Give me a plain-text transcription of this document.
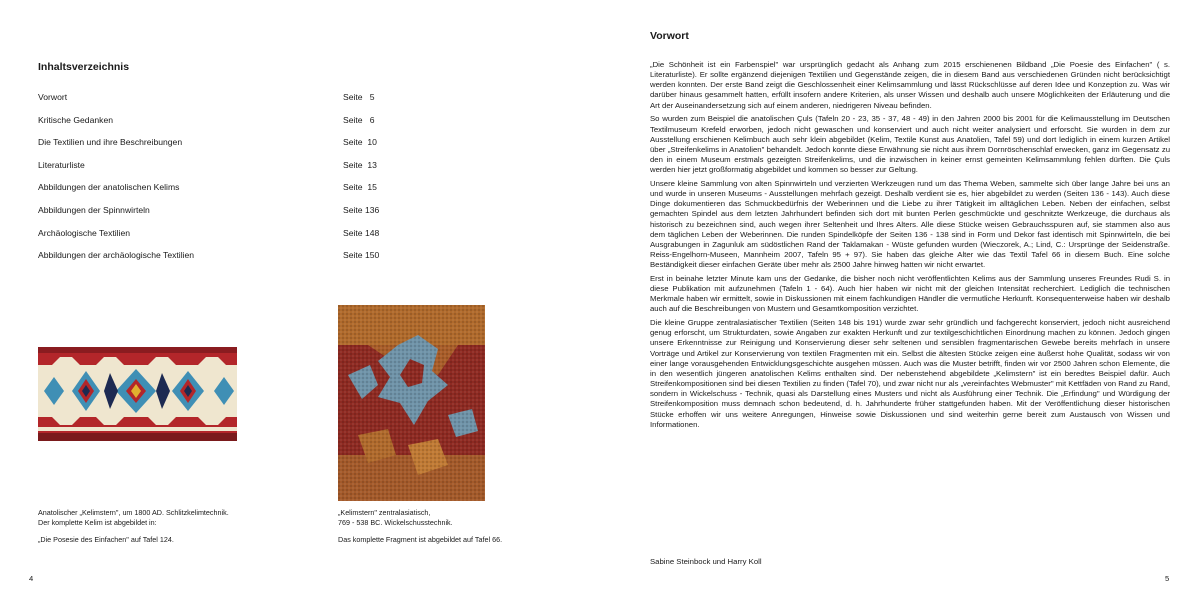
Inhaltsverzeichnis
Vorwort	Seite   5
Kritische Gedanken	Seite   6
Die Textilien und ihre Beschreibungen	Seite  10
Literaturliste	Seite  13
Abbildungen der anatolischen Kelims	Seite  15
Abbildungen der Spinnwirteln	Seite 136
Archäologische Textilien	Seite 148
Abbildungen der archäologische Textilien	Seite 150
Anatolischer „Kelimstern", um 1800 AD. Schlitzkelimtechnik.
Der komplette Kelim ist abgebildet in:
„Die Posesie des Einfachen" auf Tafel 124.
„Kelimstern" zentralasiatisch,
769 - 538 BC. Wickelschusstechnik.
Das komplette Fragment ist abgebildet auf Tafel 66.
4
Vorwort

„Die Schönheit ist ein Farbenspiel" war ursprünglich gedacht als Anhang zum 2015 erschienenen Bildband „Die Poesie des Einfachen" ( s. Literaturliste). Er sollte ergänzend diejenigen Textilien und Gegenstände zeigen, die in diesem Band aus verschiedenen Gründen nicht berücksichtigt werden konnten. Der erste Band zeigt die Geschlossenheit einer Kelimsammlung und lässt Rückschlüsse auf deren Idee und Konzeption zu. Was wir darüber hinaus gesammelt hatten, erfüllt insofern andere Kriterien, als unser Wissen und deshalb auch unsere Möglichkeiten der Erläuterung und die Art der Auseinandersetzung sich auf einem anderen, niedrigeren Niveau befinden.

So wurden zum Beispiel die anatolischen Çuls (Tafeln 20 - 23, 35 - 37, 48 - 49) in den Jahren 2000 bis 2001 für die Kelimausstellung im Deutschen Textilmuseum Krefeld erworben, jedoch nicht gewaschen und konserviert und auch nicht weiter analysiert und erforscht. Sie wurden in dem zur Ausstellung erschienen Kelimbuch auch sehr klein abgebildet (Kelim, Textile Kunst aus Anatolien, Tafel 59) und dort lediglich in einem kurzen Artikel über „Streifenkelims in Anatolien" behandelt. Jedoch konnte diese Erwähnung sie nicht aus ihrem Dornröschenschlaf erwecken, ganz im Gegensatz zu den in einem Museum erstmals gezeigten Streifenkelims, und die inzwischen in keiner ernst gemeinten Kelimsammlung fehlen dürften. Die Çuls werden hier jetzt großformatig abgebildet und kommen so besser zur Geltung.

Unsere kleine Sammlung von alten Spinnwirteln und verzierten Werkzeugen rund um das Thema Weben, sammelte sich über lange Jahre bei uns an und wurde in unseren Museums - Ausstellungen mehrfach gezeigt. Deshalb verdient sie es, hier abgebildet zu werden (Seiten 136 - 143). Auch diese Dinge dokumentieren das Schmuckbedürfnis der Weberinnen und die Liebe zu ihrer Tätigkeit im alltäglichen Leben. Neben der einfachen, selbst gemachten Spindel aus dem letzten Jahrhundert befinden sich dort mit bunten Perlen geschmückte und geschnitzte Werkzeuge, die durchaus als historisch zu bezeichnen sind, auch wegen ihrer Seltenheit und Ihres Alters. Alle diese Stücke weisen Gebrauchsspuren auf, sie stammen also aus dem täglichen Leben der Weberinnen. Die runden Spindelköpfe der Seiten 136 - 138 sind in Form und Dekor fast identisch mit Spinnwirteln, die bei Ausgrabungen in Zagunluk am südöstlichen Rand der Taklamakan - Wüste gefunden wurden (Wieczorek, A.; Lind, C.: Ursprünge der Seidenstraße. Reiss-Engelhorn-Museen, Mannheim 2007, Tafeln 95 + 97). Sie haben das gleiche Alter wie das Textil Tafel 66 in diesem Buch. Eine solche Beständigkeit dieser einfachen Geräte über mehr als 2500 Jahre hinweg hatten wir nicht erwartet.

Erst in beinahe letzter Minute kam uns der Gedanke, die bisher noch nicht veröffentlichten Kelims aus der Sammlung unseres Freundes Rudi S. in diese Publikation mit aufzunehmen (Tafeln 1 - 64). Auch hier haben wir nicht mit der gleichen Intensität recherchiert. Lediglich die technischen Merkmale haben wir ermittelt, sowie in Diskussionen mit einem fachkundigen Händler die vermutliche Herkunft. Konsequenterweise haben wir deshalb auch auf die Beschreibungen von Mustern und Gesamtkomposition verzichtet.

Die kleine Gruppe zentralasiatischer Textilien (Seiten 148 bis 191) wurde zwar sehr gründlich und fachgerecht konserviert, jedoch nicht ausreichend genug erforscht, um Strukturdaten, sowie Angaben zur exakten Herkunft und zur textilgeschichtlichen Einordnung machen zu können. Jedoch gingen unsere Erkenntnisse zur Reinigung und Konservierung dieser sehr seltenen und sensiblen fragmentarischen Gewebe bereits mehrfach in unsere Vorträge und Artikel zur Konservierung von textilen Fragmenten mit ein. Selbst die ältesten Stücke zeigen eine äußerst hohe Qualität, sodass wir von einer lange vorausgehenden Entwicklungsgeschichte ausgehen müssen. Auch was die Muster betrifft, finden wir vor 2500 Jahren schon Elemente, die in den wesentlich jüngeren anatolischen Kelims enthalten sind. Der nebenstehend abgebildete „Kelimstern" ist ein beredtes Beispiel dafür. Auch Streifenkompositionen sind bei diesen Textilien zu finden (Tafel 70), und zwar nicht nur als „vereinfachtes Webmuster" mit Kettfäden von Rand zu Rand, sondern in Wickelschuss - Technik, quasi als Darstellung eines Musters und nicht als Ausführung einer Technik. Die „Erfindung" und Würdigung der Streifenkomposition muss demnach schon bedeutend, d. h. Jahrhunderte früher stattgefunden haben. Mit der Veröffentlichung dieser historischen Stücke erhoffen wir uns weitere Anregungen, Hinweise sowie Diskussionen und sind weiterhin gerne bereit zum Austausch von Wissen und Informationen.

Sabine Steinbock und Harry Koll
5
